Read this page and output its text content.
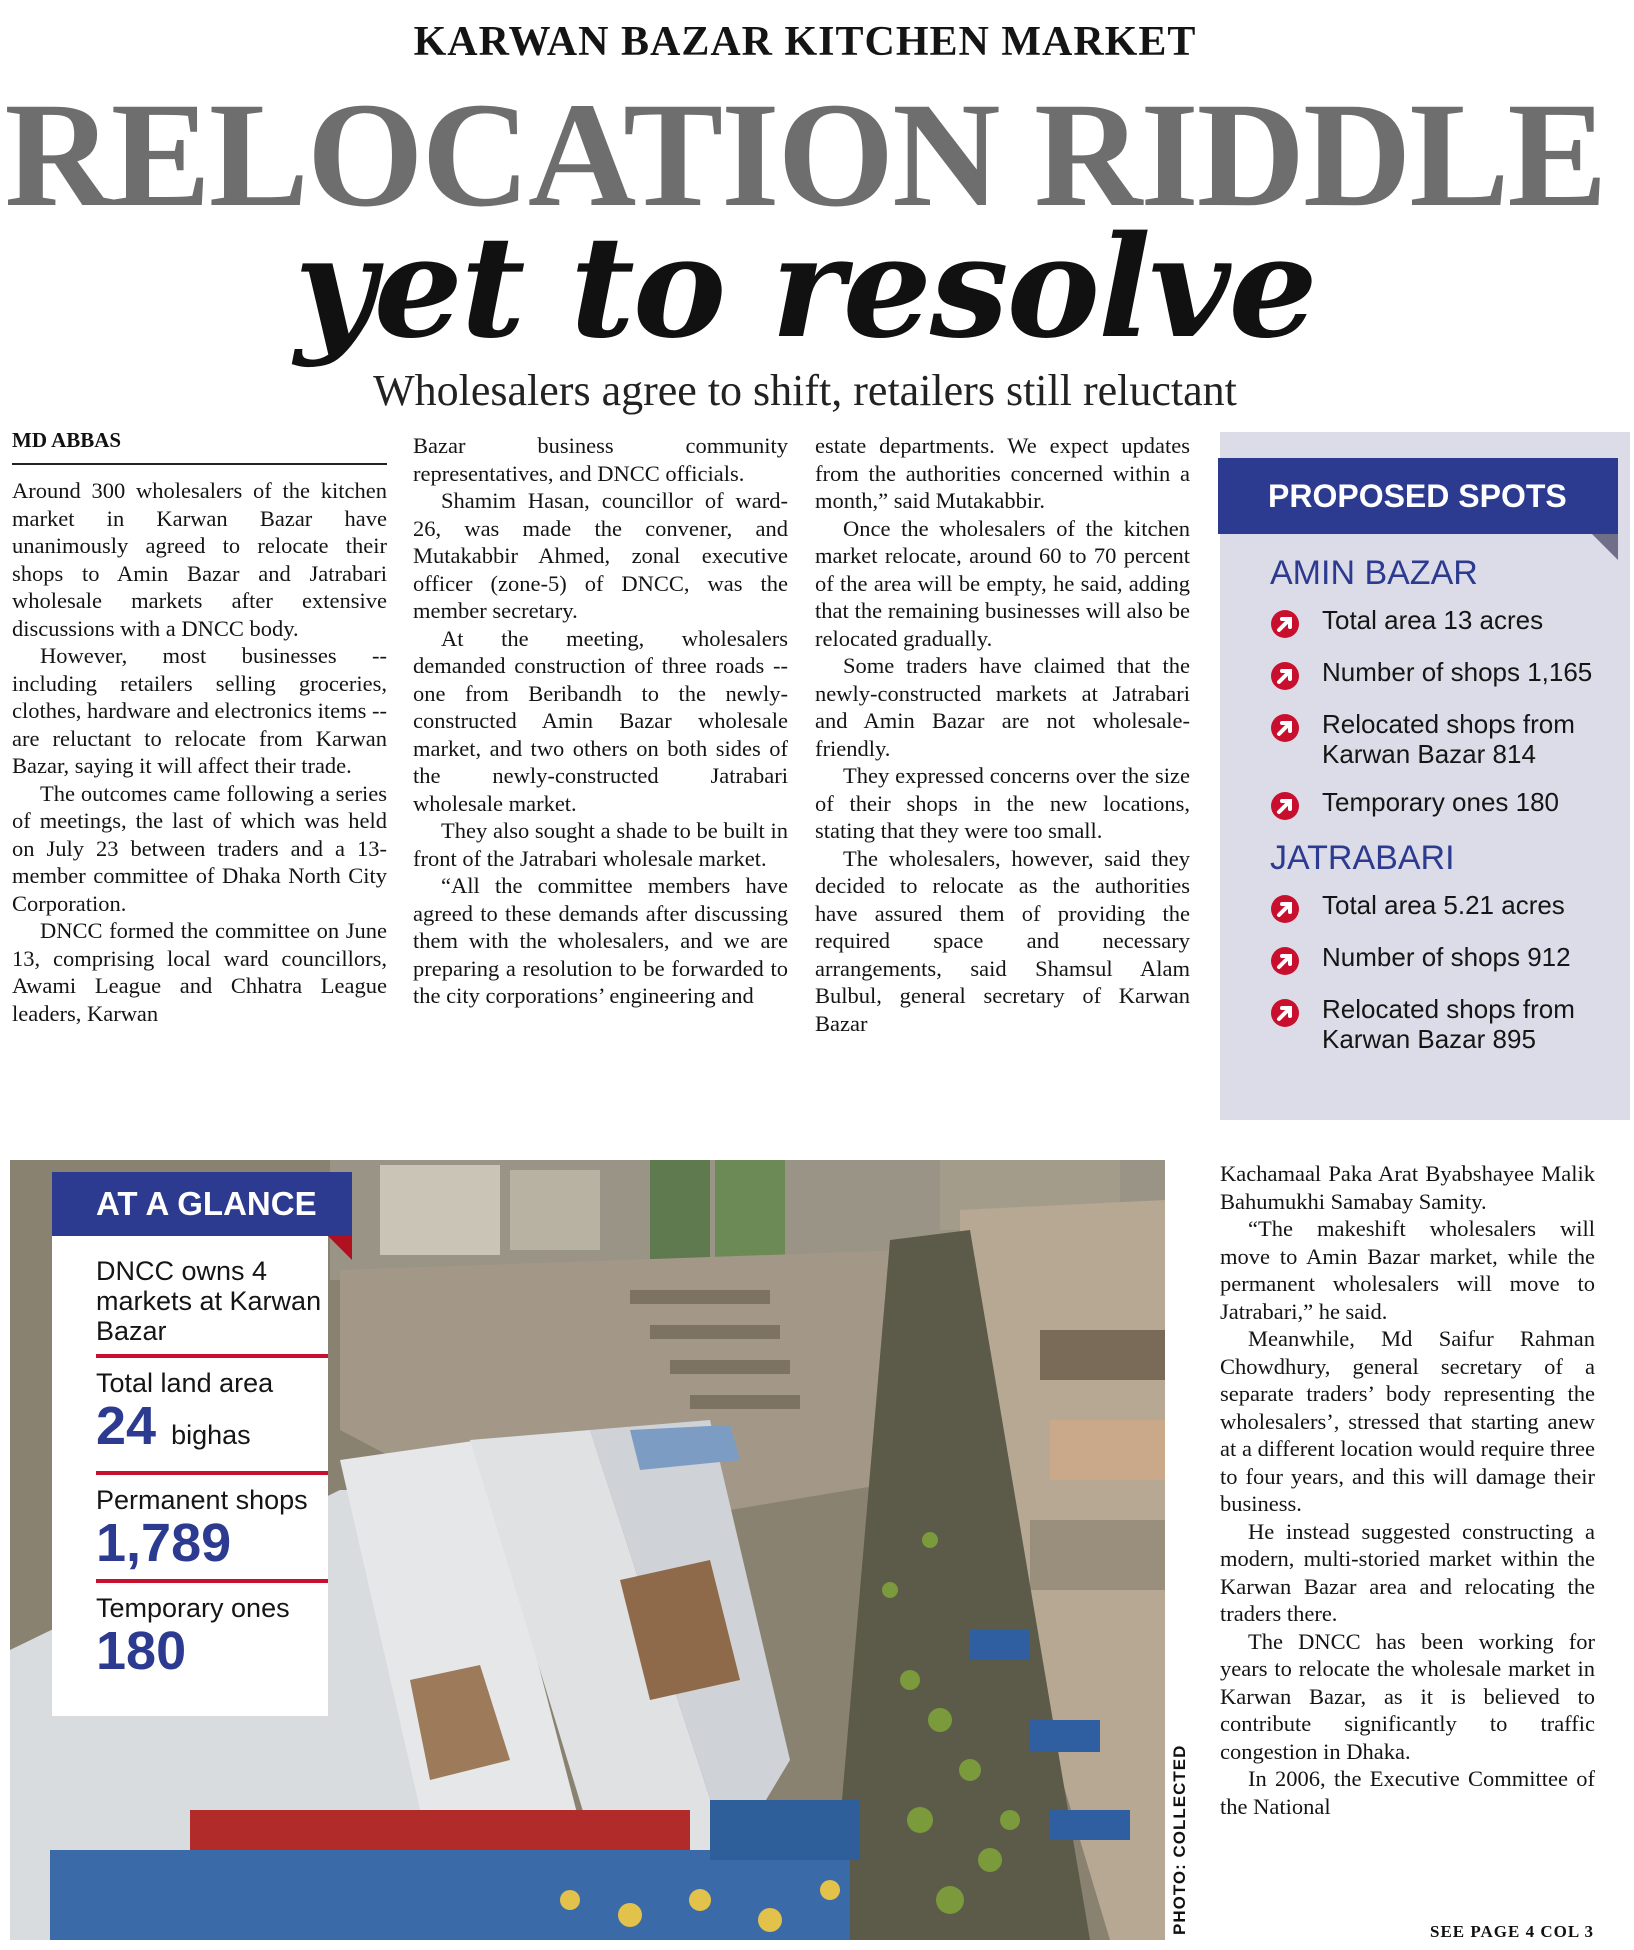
KARWAN BAZAR KITCHEN MARKET
RELOCATION RIDDLE
yet to resolve
Wholesalers agree to shift, retailers still reluctant
MD ABBAS

Around 300 wholesalers of the kitchen market in Karwan Bazar have unanimously agreed to relocate their shops to Amin Bazar and Jatrabari wholesale markets after extensive discussions with a DNCC body.

However, most businesses -- including retailers selling groceries, clothes, hardware and electronics items -- are reluctant to relocate from Karwan Bazar, saying it will affect their trade.

The outcomes came following a series of meetings, the last of which was held on July 23 between traders and a 13-member committee of Dhaka North City Corporation.

DNCC formed the committee on June 13, comprising local ward councillors, Awami League and Chhatra League leaders, Karwan

Bazar business community representatives, and DNCC officials.

Shamim Hasan, councillor of ward-26, was made the convener, and Mutakabbir Ahmed, zonal executive officer (zone-5) of DNCC, was the member secretary.

At the meeting, wholesalers demanded construction of three roads -- one from Beribandh to the newly-constructed Amin Bazar wholesale market, and two others on both sides of the newly-constructed Jatrabari wholesale market.

They also sought a shade to be built in front of the Jatrabari wholesale market.

“All the committee members have agreed to these demands after discussing them with the wholesalers, and we are preparing a resolution to be forwarded to the city corporations’ engineering and

estate departments. We expect updates from the authorities concerned within a month,” said Mutakabbir.

Once the wholesalers of the kitchen market relocate, around 60 to 70 percent of the area will be empty, he said, adding that the remaining businesses will also be relocated gradually.

Some traders have claimed that the newly-constructed markets at Jatrabari and Amin Bazar are not wholesale-friendly.

They expressed concerns over the size of their shops in the new locations, stating that they were too small.

The wholesalers, however, said they decided to relocate as the authorities have assured them of providing the required space and necessary arrangements, said Shamsul Alam Bulbul, general secretary of Karwan Bazar

PROPOSED SPOTS
AMIN BAZAR
Total area 13 acres
Number of shops 1,165
Relocated shops from Karwan Bazar 814
Temporary ones 180
JATRABARI
Total area 5.21 acres
Number of shops 912
Relocated shops from Karwan Bazar 895
PHOTO: COLLECTED
AT A GLANCE
DNCC owns 4 markets at Karwan Bazar
Total land area
24 bighas
Permanent shops
1,789
Temporary ones
180

Kachamaal Paka Arat Byabshayee Malik Bahumukhi Samabay Samity.

“The makeshift wholesalers will move to Amin Bazar market, while the permanent wholesalers will move to Jatrabari,” he said.

Meanwhile, Md Saifur Rahman Chowdhury, general secretary of a separate traders’ body representing the wholesalers’, stressed that starting anew at a different location would require three to four years, and this will damage their business.

He instead suggested constructing a modern, multi-storied market within the Karwan Bazar area and relocating the traders there.

The DNCC has been working for years to relocate the wholesale market in Karwan Bazar, as it is believed to contribute significantly to traffic congestion in Dhaka.

In 2006, the Executive Committee of the National

SEE PAGE 4 COL 3
